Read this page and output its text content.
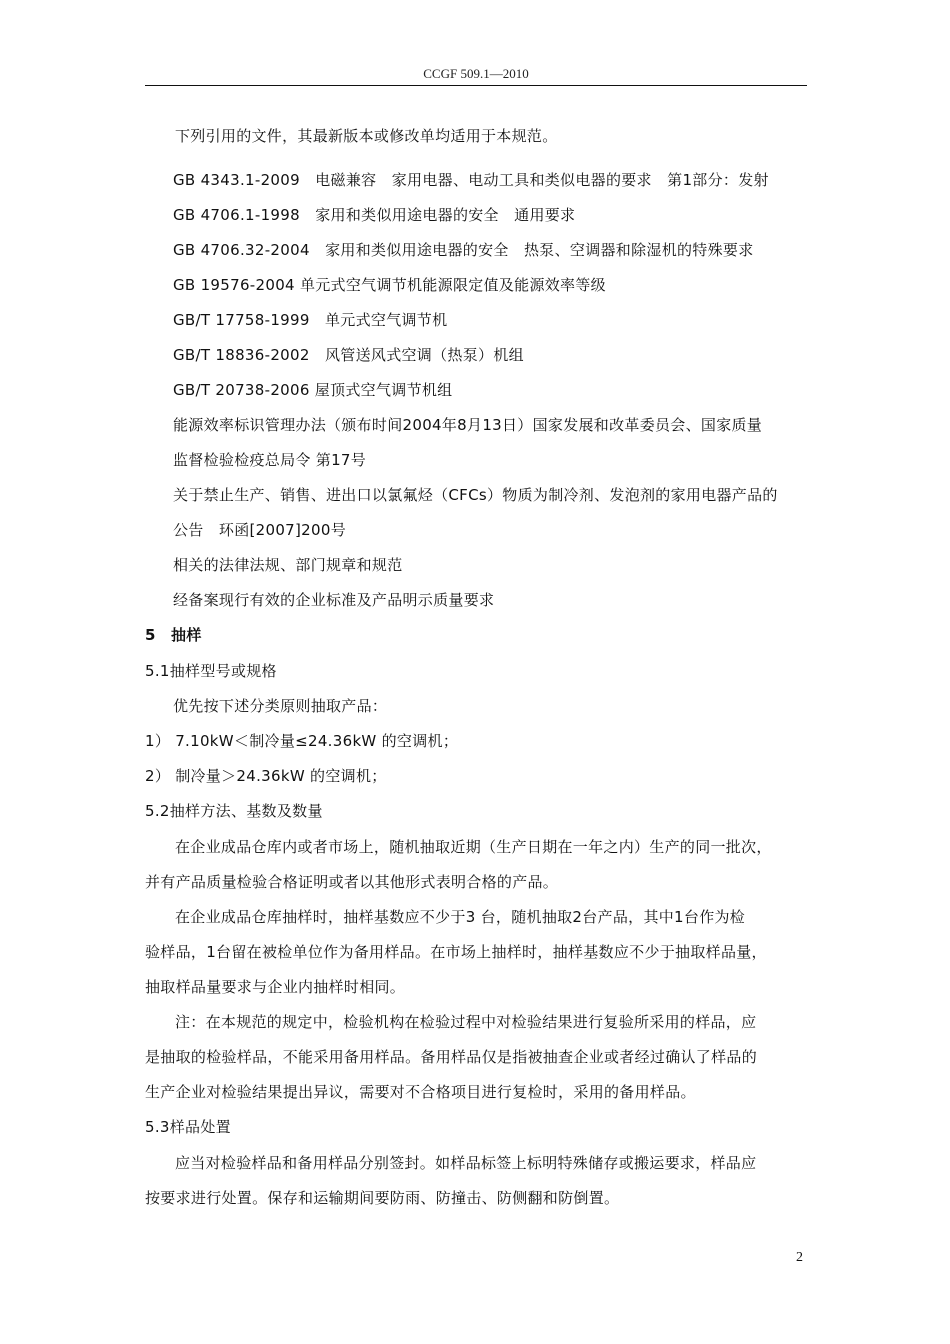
CCGF 509.1—2010
下列引用的文件，其最新版本或修改单均适用于本规范。
GB 4343.1-2009　电磁兼容　家用电器、电动工具和类似电器的要求　第1部分：发射
GB 4706.1-1998　家用和类似用途电器的安全　通用要求
GB 4706.32-2004　家用和类似用途电器的安全　热泵、空调器和除湿机的特殊要求
GB 19576-2004 单元式空气调节机能源限定值及能源效率等级
GB/T 17758-1999　单元式空气调节机
GB/T 18836-2002　风管送风式空调（热泵）机组
GB/T 20738-2006 屋顶式空气调节机组
能源效率标识管理办法（颁布时间2004年8月13日）国家发展和改革委员会、国家质量
监督检验检疫总局令 第17号
关于禁止生产、销售、进出口以氯氟烃（CFCs）物质为制冷剂、发泡剂的家用电器产品的
公告　环函[2007]200号
相关的法律法规、部门规章和规范
经备案现行有效的企业标准及产品明示质量要求
5　抽样
5.1抽样型号或规格
优先按下述分类原则抽取产品：
1） 7.10kW＜制冷量≤24.36kW 的空调机；
2） 制冷量＞24.36kW 的空调机；
5.2抽样方法、基数及数量
在企业成品仓库内或者市场上，随机抽取近期（生产日期在一年之内）生产的同一批次，
并有产品质量检验合格证明或者以其他形式表明合格的产品。
在企业成品仓库抽样时，抽样基数应不少于3 台，随机抽取2台产品，其中1台作为检
验样品，1台留在被检单位作为备用样品。在市场上抽样时，抽样基数应不少于抽取样品量，
抽取样品量要求与企业内抽样时相同。
注：在本规范的规定中，检验机构在检验过程中对检验结果进行复验所采用的样品，应
是抽取的检验样品，不能采用备用样品。备用样品仅是指被抽查企业或者经过确认了样品的
生产企业对检验结果提出异议，需要对不合格项目进行复检时，采用的备用样品。
5.3样品处置
应当对检验样品和备用样品分别签封。如样品标签上标明特殊储存或搬运要求，样品应
按要求进行处置。保存和运输期间要防雨、防撞击、防侧翻和防倒置。
2
